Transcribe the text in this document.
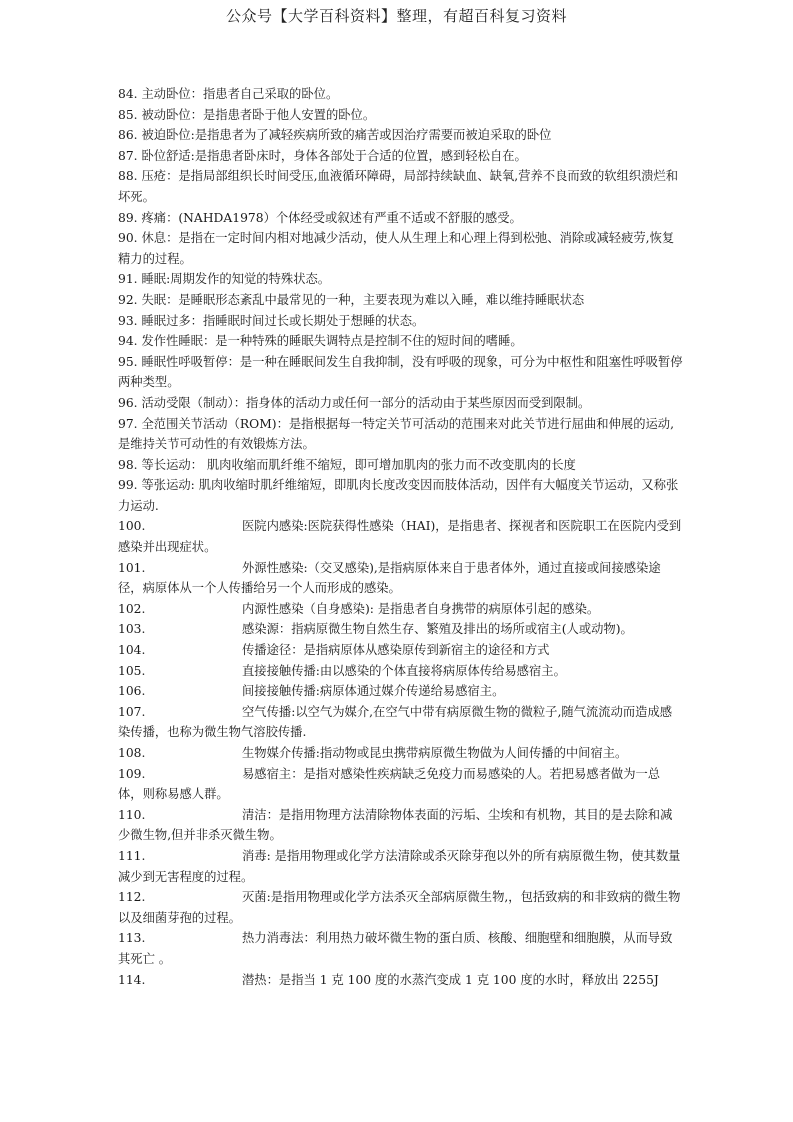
公众号【大学百科资料】整理，有超百科复习资料
84. 主动卧位：指患者自己采取的卧位。
85. 被动卧位：是指患者卧于他人安置的卧位。
86. 被迫卧位:是指患者为了减轻疾病所致的痛苦或因治疗需要而被迫采取的卧位
87. 卧位舒适:是指患者卧床时，身体各部处于合适的位置，感到轻松自在。
88. 压疮：是指局部组织长时间受压,血液循环障碍，局部持续缺血、缺氧,营养不良而致的软组织溃烂和坏死。
89. 疼痛：(NAHDA1978）个体经受或叙述有严重不适或不舒服的感受。
90. 休息：是指在一定时间内相对地减少活动，使人从生理上和心理上得到松弛、消除或减轻疲劳,恢复精力的过程。
91. 睡眠:周期发作的知觉的特殊状态。
92. 失眠：是睡眠形态紊乱中最常见的一种，主要表现为难以入睡，难以维持睡眠状态
93. 睡眠过多：指睡眠时间过长或长期处于想睡的状态。
94. 发作性睡眠：是一种特殊的睡眠失调特点是控制不住的短时间的嗜睡。
95. 睡眠性呼吸暂停：是一种在睡眠间发生自我抑制，没有呼吸的现象，可分为中枢性和阻塞性呼吸暂停两种类型。
96. 活动受限（制动）：指身体的活动力或任何一部分的活动由于某些原因而受到限制。
97. 全范围关节活动（ROM)：是指根据每一特定关节可活动的范围来对此关节进行屈曲和伸展的运动,是维持关节可动性的有效锻炼方法。
98. 等长运动： 肌肉收缩而肌纤维不缩短，即可增加肌肉的张力而不改变肌肉的长度
99. 等张运动: 肌肉收缩时肌纤维缩短，即肌肉长度改变因而肢体活动，因伴有大幅度关节运动，又称张力运动.
100.	医院内感染:医院获得性感染（HAI)，是指患者、探视者和医院职工在医院内受到感染并出现症状。
101.	外源性感染:（交叉感染),是指病原体来自于患者体外，通过直接或间接感染途径，病原体从一个人传播给另一个人而形成的感染。
102.	内源性感染（自身感染): 是指患者自身携带的病原体引起的感染。
103.	感染源：指病原微生物自然生存、繁殖及排出的场所或宿主(人或动物)。
104.	传播途径：是指病原体从感染原传到新宿主的途径和方式
105.	直接接触传播:由以感染的个体直接将病原体传给易感宿主。
106.	间接接触传播:病原体通过媒介传递给易感宿主。
107.	空气传播:以空气为媒介,在空气中带有病原微生物的微粒子,随气流流动而造成感染传播，也称为微生物气溶胶传播.
108.	生物媒介传播:指动物或昆虫携带病原微生物做为人间传播的中间宿主。
109.	易感宿主：是指对感染性疾病缺乏免疫力而易感染的人。若把易感者做为一总体，则称易感人群。
110.	清洁：是指用物理方法清除物体表面的污垢、尘埃和有机物，其目的是去除和减少微生物,但并非杀灭微生物。
111.	消毒: 是指用物理或化学方法清除或杀灭除芽孢以外的所有病原微生物，使其数量减少到无害程度的过程。
112.	灭菌:是指用物理或化学方法杀灭全部病原微生物,，包括致病的和非致病的微生物以及细菌芽孢的过程。
113.	热力消毒法：利用热力破坏微生物的蛋白质、核酸、细胞壁和细胞膜，从而导致其死亡 。
114.	潜热：是指当 1 克 100 度的水蒸汽变成 1 克 100 度的水时，释放出 2255J
